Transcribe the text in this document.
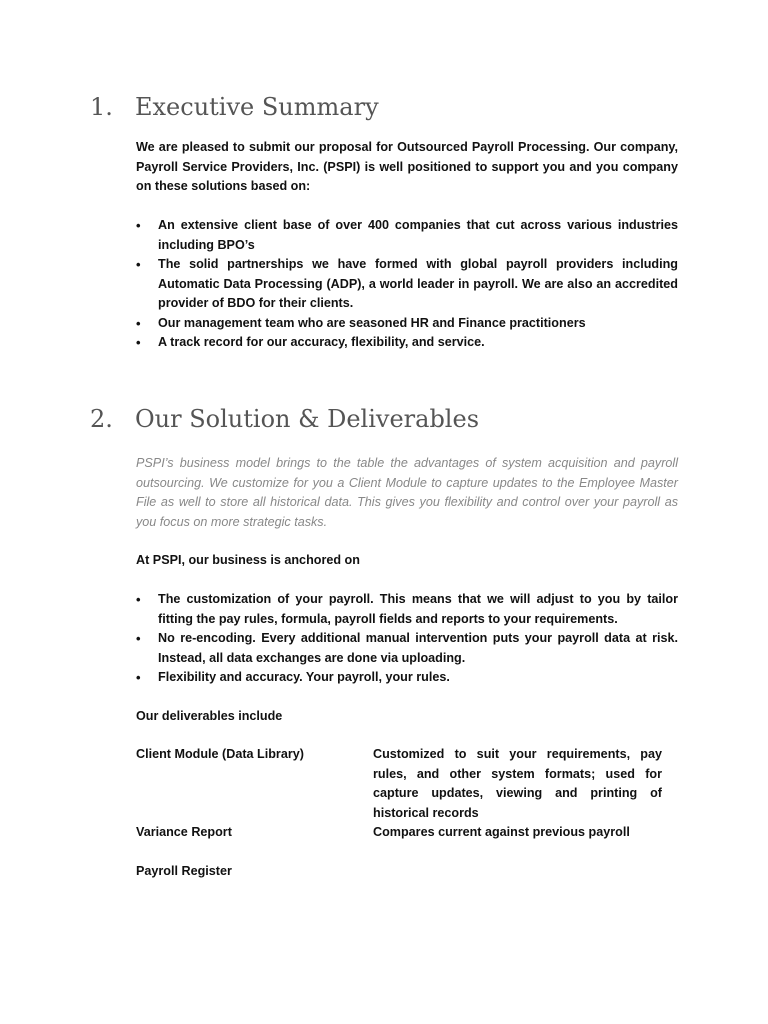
1. Executive Summary

We are pleased to submit our proposal for Outsourced Payroll Processing. Our company, Payroll Service Providers, Inc. (PSPI) is well positioned to support you and you company on these solutions based on:

• An extensive client base of over 400 companies that cut across various industries including BPO’s
• The solid partnerships we have formed with global payroll providers including Automatic Data Processing (ADP), a world leader in payroll. We are also an accredited provider of BDO for their clients.
• Our management team who are seasoned HR and Finance practitioners
• A track record for our accuracy, flexibility, and service.
2. Our Solution & Deliverables

PSPI’s business model brings to the table the advantages of system acquisition and payroll outsourcing. We customize for you a Client Module to capture updates to the Employee Master File as well to store all historical data. This gives you flexibility and control over your payroll as you focus on more strategic tasks.

At PSPI, our business is anchored on

• The customization of your payroll. This means that we will adjust to you by tailor fitting the pay rules, formula, payroll fields and reports to your requirements.
• No re-encoding. Every additional manual intervention puts your payroll data at risk. Instead, all data exchanges are done via uploading.
• Flexibility and accuracy. Your payroll, your rules.

Our deliverables include

Client Module (Data Library)	Customized to suit your requirements, pay rules, and other system formats; used for capture updates, viewing and printing of historical records
Variance Report	Compares current against previous payroll
Payroll Register
